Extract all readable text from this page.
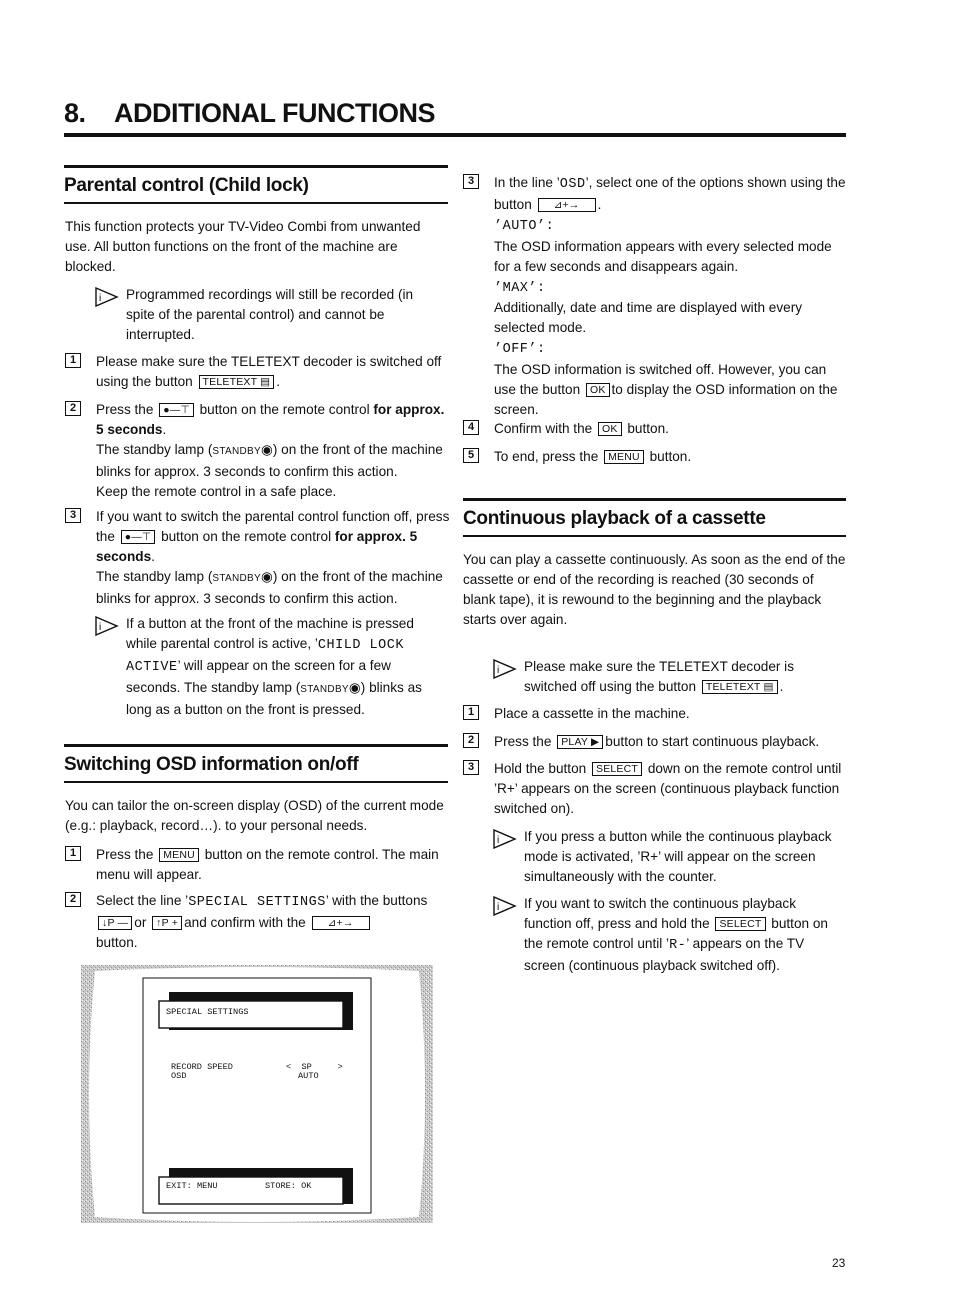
8. ADDITIONAL FUNCTIONS
Parental control (Child lock)
This function protects your TV-Video Combi from unwanted use. All button functions on the front of the machine are blocked.
i Programmed recordings will still be recorded (in spite of the parental control) and cannot be interrupted.
1	Please make sure the TELETEXT decoder is switched off using the button TELETEXT ▤ .
2	Press the ●—⊤ button on the remote control for approx. 5 seconds.
The standby lamp (STANDBY◉) on the front of the machine blinks for approx. 3 seconds to confirm this action.
Keep the remote control in a safe place.
3	If you want to switch the parental control function off, press the ●—⊤ button on the remote control for approx. 5 seconds.
The standby lamp (STANDBY◉) on the front of the machine blinks for approx. 3 seconds to confirm this action.
i If a button at the front of the machine is pressed while parental control is active, ’CHILD LOCK ACTIVE’ will appear on the screen for a few seconds. The standby lamp (STANDBY◉) blinks as long as a button on the front is pressed.
Switching OSD information on/off
You can tailor the on-screen display (OSD) of the current mode (e.g.: playback, record…). to your personal needs.
1	Press the MENU button on the remote control. The main menu will appear.
2	Select the line ’SPECIAL SETTINGS’ with the buttons
↓P — or ↑P + and confirm with the ⊿+→
button.
SPECIAL SETTINGS
RECORD SPEED	<  SP     >
OSD	AUTO
EXIT: MENU	STORE: OK
3	In the line ’OSD’, select one of the options shown using the button ⊿+→ .
’AUTO’:
The OSD information appears with every selected mode for a few seconds and disappears again.
’MAX’:
Additionally, date and time are displayed with every selected mode.
’OFF’:
The OSD information is switched off. However, you can use the button OK to display the OSD information on the screen.
4	Confirm with the OK button.
5	To end, press the MENU button.
Continuous playback of a cassette
You can play a cassette continuously. As soon as the end of the cassette or end of the recording is reached (30 seconds of blank tape), it is rewound to the beginning and the playback starts over again.
i Please make sure the TELETEXT decoder is switched off using the button TELETEXT ▤ .
1	Place a cassette in the machine.
2	Press the PLAY ▶ button to start continuous playback.
3	Hold the button SELECT down on the remote control until ’R+’ appears on the screen (continuous playback function switched on).
i If you press a button while the continuous playback mode is activated, ’R+’ will appear on the screen simultaneously with the counter.
i If you want to switch the continuous playback function off, press and hold the SELECT button on the remote control until ’R-’ appears on the TV screen (continuous playback switched off).
23
